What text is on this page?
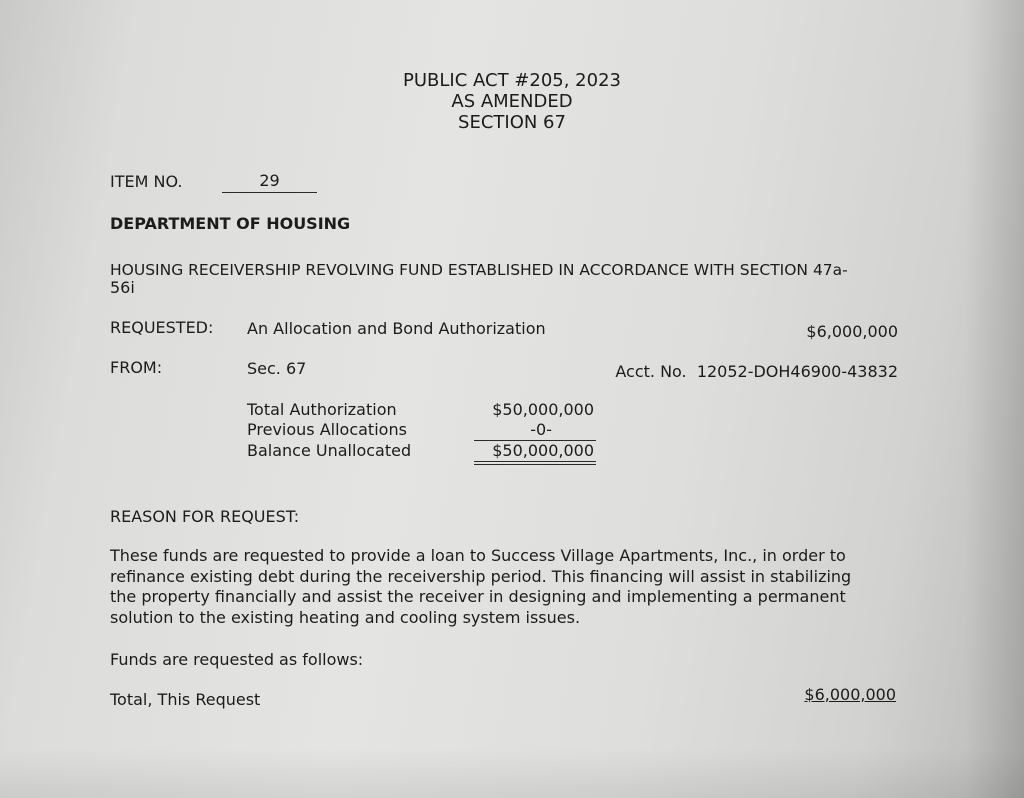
PUBLIC ACT #205, 2023
AS AMENDED
SECTION 67
ITEM NO.	29
DEPARTMENT OF HOUSING
HOUSING RECEIVERSHIP REVOLVING FUND ESTABLISHED IN ACCORDANCE WITH SECTION 47a-
56i
REQUESTED: An Allocation and Bond Authorization	$6,000,000
FROM:	Sec. 67	Acct. No.  12052-DOH46900-43832
Total Authorization	$50,000,000
Previous Allocations	-0-
Balance Unallocated	$50,000,000
REASON FOR REQUEST:
These funds are requested to provide a loan to Success Village Apartments, Inc., in order to
refinance existing debt during the receivership period. This financing will assist in stabilizing
the property financially and assist the receiver in designing and implementing a permanent
solution to the existing heating and cooling system issues.
Funds are requested as follows:
Total, This Request	$6,000,000
